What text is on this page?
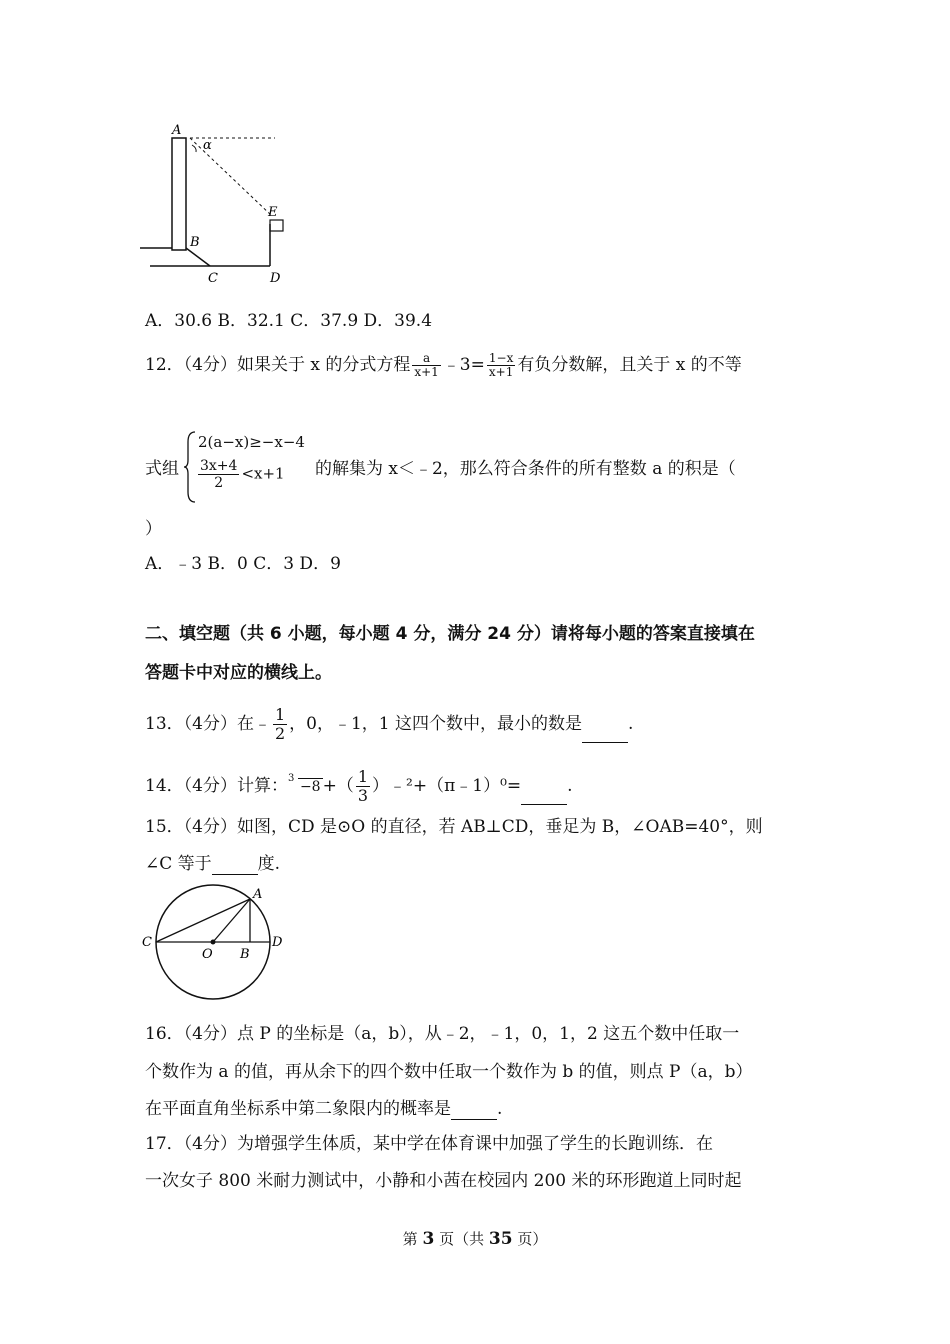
A
α
E
B
C	D
A．30.6 B．32.1 C．37.9 D．39.4
12．（4分）如果关于 x 的分式方程 $\frac{a}{x+1}$ ﹣3= $\frac{1-x}{x+1}$ 有负分数解，且关于 x 的不等
式组
2(a−x)≥−x−4
$\frac{3x+4}{2} <x+1$ 的解集为 x＜﹣2，那么符合条件的所有整数 a 的积是（
）
A．﹣3 B．0 C．3 D．9
二、填空题（共 6 小题，每小题 4 分，满分 24 分）请将每小题的答案直接填在
答题卡中对应的横线上。
13．（4分）在﹣ $\frac{1}{2}$ ，0，﹣1，1 这四个数中，最小的数是	.
14．（4分）计算： 3
−8 +（ $\frac{1}{3}$ ）﹣²+（π﹣1）⁰=	.
15．（4分）如图，CD 是⊙O 的直径，若 AB⊥CD，垂足为 B，∠OAB=40°，则
∠C 等于	度.
A
C
O B
D
16．（4分）点 P 的坐标是（a，b），从﹣2，﹣1，0，1，2 这五个数中任取一
个数作为 a 的值，再从余下的四个数中任取一个数作为 b 的值，则点 P（a，b）
在平面直角坐标系中第二象限内的概率是	.
17．（4分）为增强学生体质，某中学在体育课中加强了学生的长跑训练．在
一次女子 800 米耐力测试中，小静和小茜在校园内 200 米的环形跑道上同时起
第 3 页（共 35 页）
